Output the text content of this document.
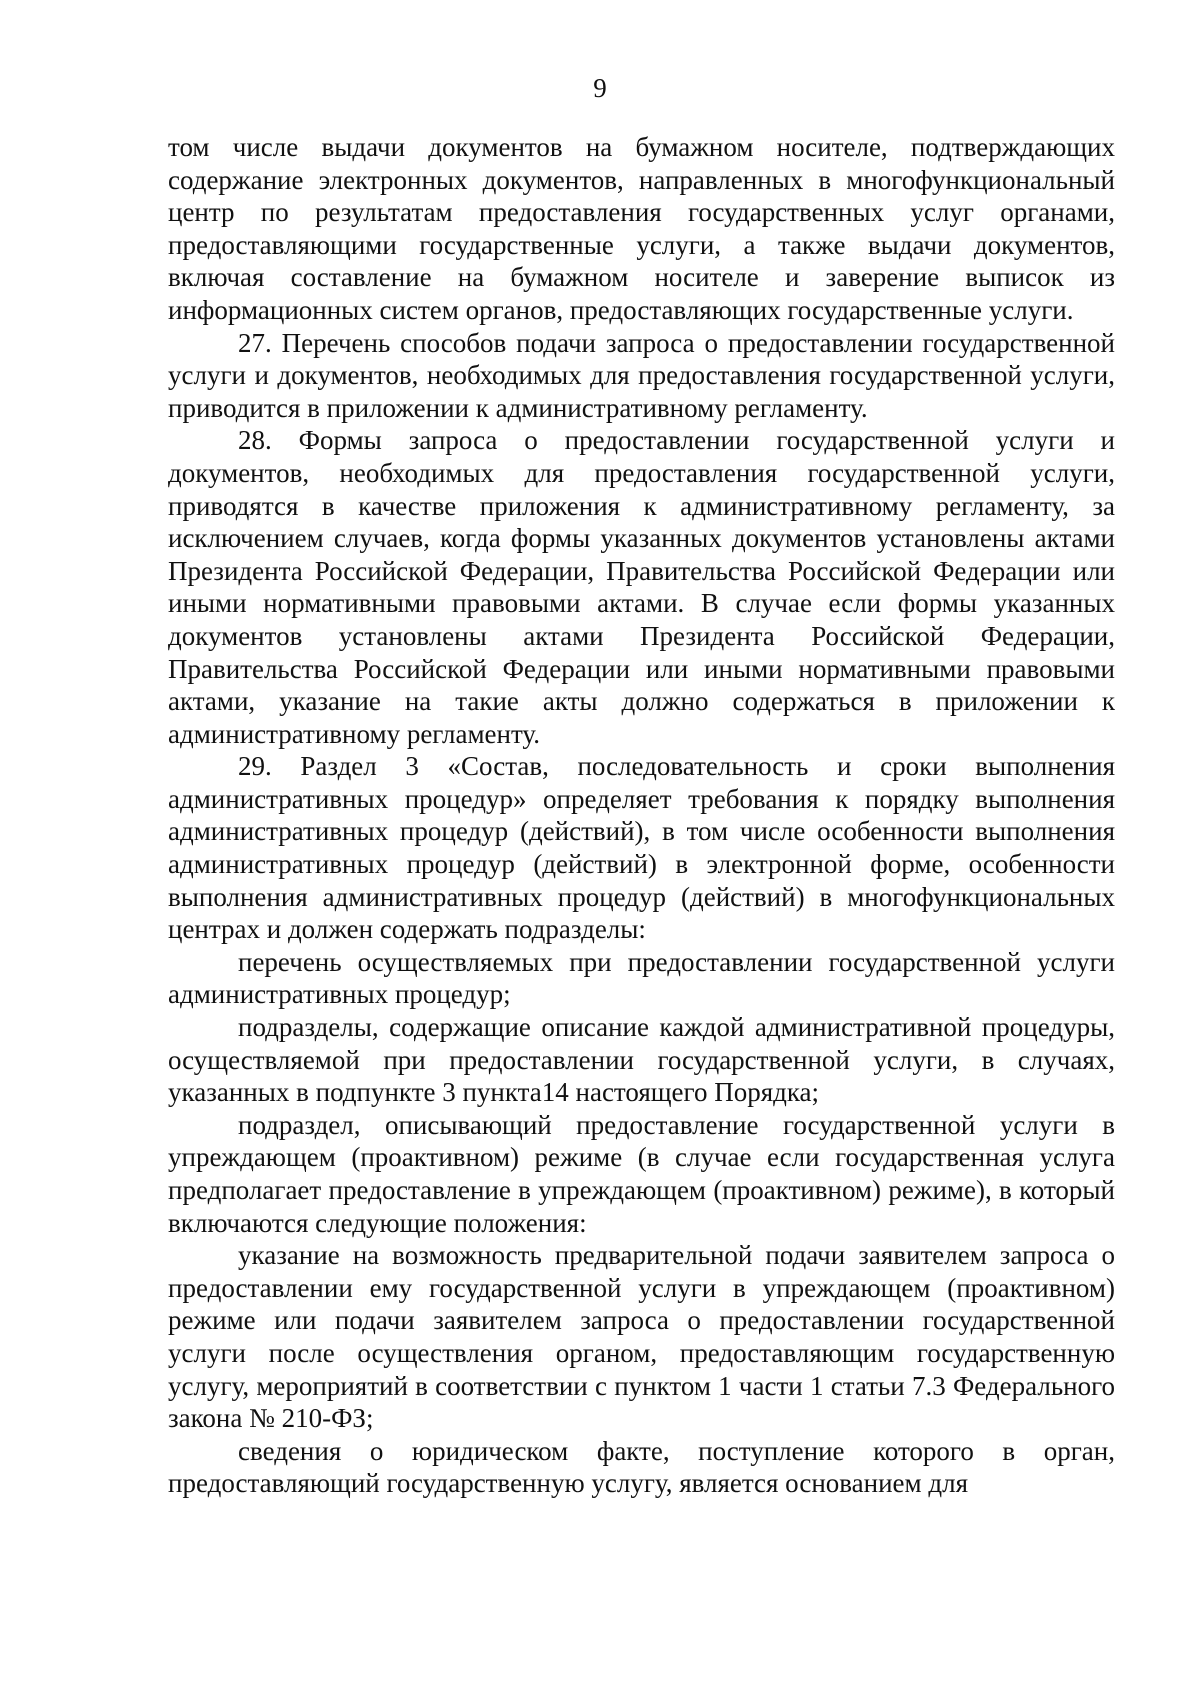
9

том числе выдачи документов на бумажном носителе, подтверждающих содержание электронных документов, направленных в многофункциональный центр по результатам предоставления государственных услуг органами, предоставляющими государственные услуги, а также выдачи документов, включая составление на бумажном носителе и заверение выписок из информационных систем органов, предоставляющих государственные услуги.

27. Перечень способов подачи запроса о предоставлении государственной услуги и документов, необходимых для предоставления государственной услуги, приводится в приложении к административному регламенту.

28. Формы запроса о предоставлении государственной услуги и документов, необходимых для предоставления государственной услуги, приводятся в качестве приложения к административному регламенту, за исключением случаев, когда формы указанных документов установлены актами Президента Российской Федерации, Правительства Российской Федерации или иными нормативными правовыми актами. В случае если формы указанных документов установлены актами Президента Российской Федерации, Правительства Российской Федерации или иными нормативными правовыми актами, указание на такие акты должно содержаться в приложении к административному регламенту.

29. Раздел 3 «Состав, последовательность и сроки выполнения административных процедур» определяет требования к порядку выполнения административных процедур (действий), в том числе особенности выполнения административных процедур (действий) в электронной форме, особенности выполнения административных процедур (действий) в многофункциональных центрах и должен содержать подразделы:

перечень осуществляемых при предоставлении государственной услуги административных процедур;

подразделы, содержащие описание каждой административной процедуры, осуществляемой при предоставлении государственной услуги, в случаях, указанных в подпункте 3 пункта14 настоящего Порядка;

подраздел, описывающий предоставление государственной услуги в упреждающем (проактивном) режиме (в случае если государственная услуга предполагает предоставление в упреждающем (проактивном) режиме), в который включаются следующие положения:

указание на возможность предварительной подачи заявителем запроса о предоставлении ему государственной услуги в упреждающем (проактивном) режиме или подачи заявителем запроса о предоставлении государственной услуги после осуществления органом, предоставляющим государственную услугу, мероприятий в соответствии с пунктом 1 части 1 статьи 7.3 Федерального закона № 210-ФЗ;

сведения о юридическом факте, поступление которого в орган, предоставляющий государственную услугу, является основанием для
